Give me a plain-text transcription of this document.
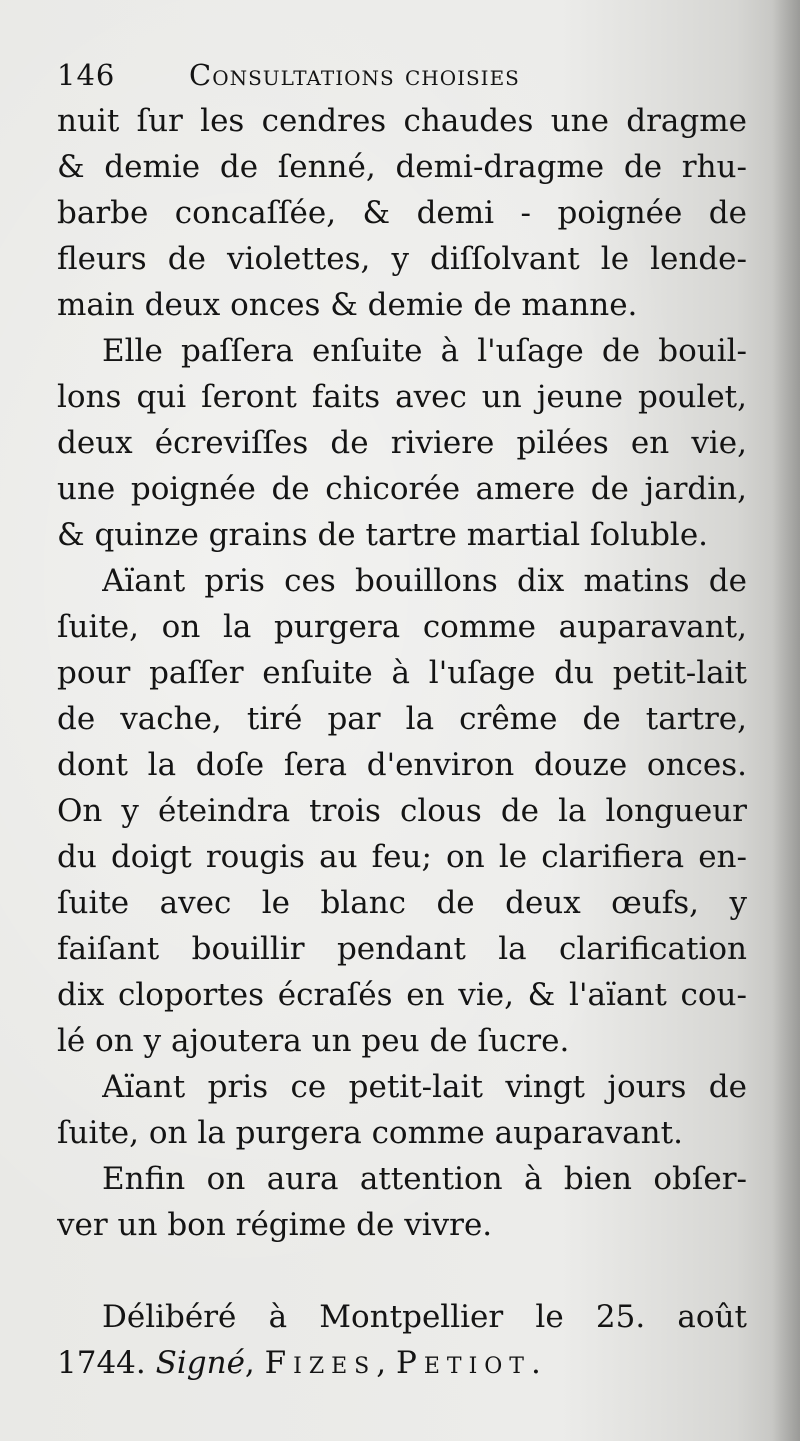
146	Consultations choisies
nuit ſur les cendres chaudes une dragme
& demie de ſenné, demi-dragme de rhu-
barbe concaſſée, & demi - poignée de
fleurs de violettes, y diſſolvant le lende-
main deux onces & demie de manne.
Elle paſſera enſuite à l'uſage de bouil-
lons qui ſeront faits avec un jeune poulet,
deux écreviſſes de riviere pilées en vie,
une poignée de chicorée amere de jardin,
& quinze grains de tartre martial ſoluble.
Aïant pris ces bouillons dix matins de
ſuite, on la purgera comme auparavant,
pour paſſer enſuite à l'uſage du petit-lait
de vache, tiré par la crême de tartre,
dont la doſe ſera d'environ douze onces.
On y éteindra trois clous de la longueur
du doigt rougis au feu; on le clarifiera en-
ſuite avec le blanc de deux œufs, y
faiſant bouillir pendant la clarification
dix cloportes écraſés en vie, & l'aïant cou-
lé on y ajoutera un peu de ſucre.
Aïant pris ce petit-lait vingt jours de
ſuite, on la purgera comme auparavant.
Enfin on aura attention à bien obſer-
ver un bon régime de vivre.
Délibéré à Montpellier le 25. août
1744. Signé, Fizes, Petiot.
